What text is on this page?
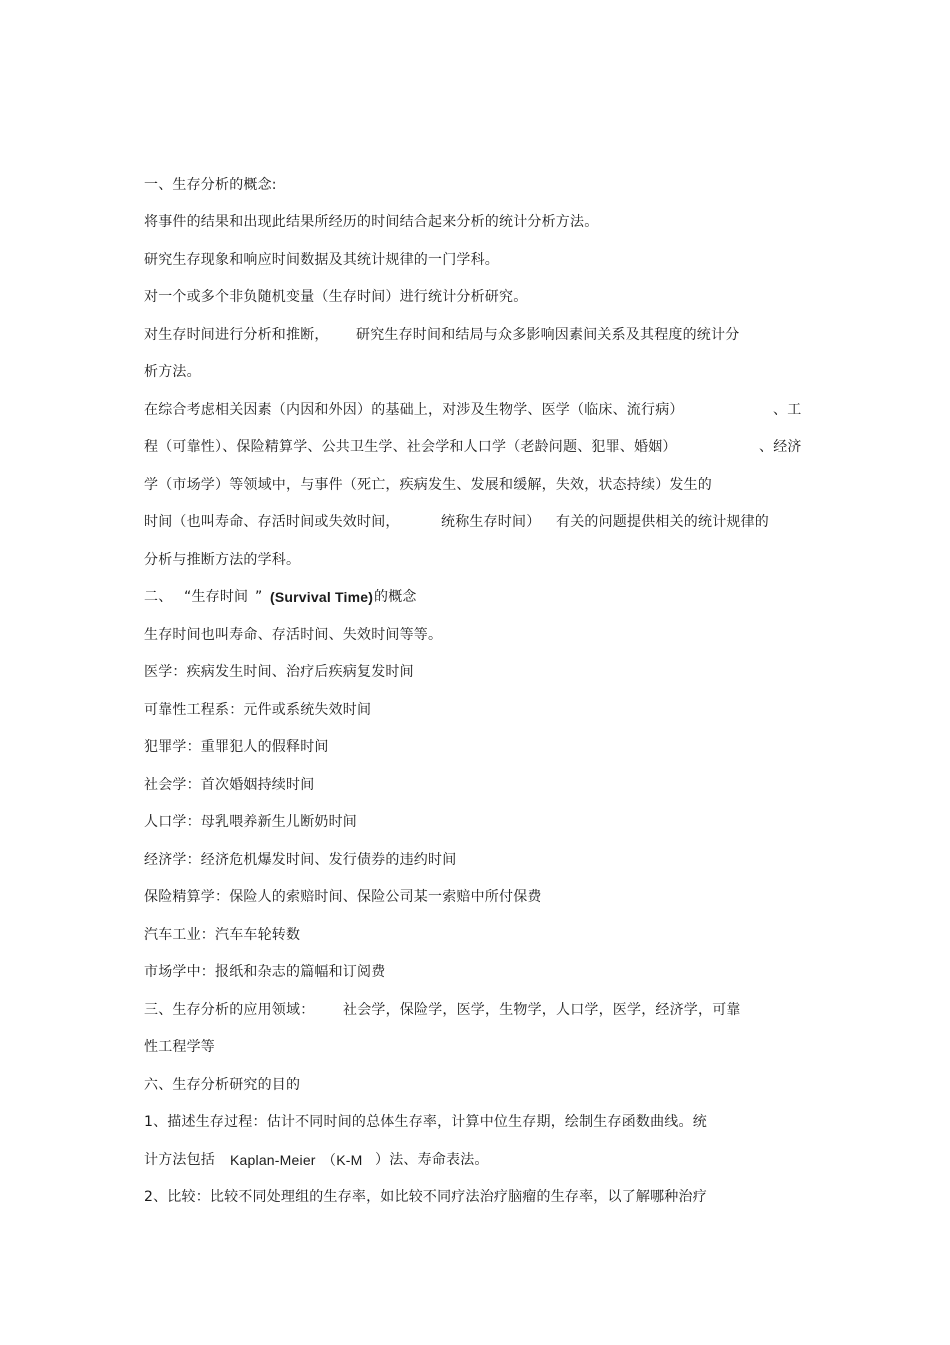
一、生存分析的概念:
将事件的结果和出现此结果所经历的时间结合起来分析的统计分析方法。
研究生存现象和响应时间数据及其统计规律的一门学科。
对一个或多个非负随机变量（生存时间）进行统计分析研究。
对生存时间进行分析和推断， 研究生存时间和结局与众多影响因素间关系及其程度的统计分
析方法。
在综合考虑相关因素（内因和外因）的基础上，对涉及生物学、医学（临床、流行病）	、工
程（可靠性）、保险精算学、公共卫生学、社会学和人口学（老龄问题、犯罪、婚姻）	、经济
学（市场学）等领域中，与事件（死亡，疾病发生、发展和缓解，失效，状态持续）发生的
时间（也叫寿命、存活时间或失效时间，	统称生存时间） 有关的问题提供相关的统计规律的
分析与推断方法的学科。
二、 “生存时间 ” (Survival Time) 的概念
生存时间也叫寿命、存活时间、失效时间等等。
医学：疾病发生时间、治疗后疾病复发时间
可靠性工程系：元件或系统失效时间
犯罪学：重罪犯人的假释时间
社会学：首次婚姻持续时间
人口学：母乳喂养新生儿断奶时间
经济学：经济危机爆发时间、发行债券的违约时间
保险精算学：保险人的索赔时间、保险公司某一索赔中所付保费
汽车工业：汽车车轮转数
市场学中：报纸和杂志的篇幅和订阅费
三、生存分析的应用领域： 社会学，保险学，医学，生物学，人口学，医学，经济学，可靠
性工程学等
六、生存分析研究的目的
1、描述生存过程：估计不同时间的总体生存率，计算中位生存期，绘制生存函数曲线。统
计方法包括 Kaplan-Meier （K-M ）法、寿命表法。
2、比较：比较不同处理组的生存率，如比较不同疗法治疗脑瘤的生存率，以了解哪种治疗
